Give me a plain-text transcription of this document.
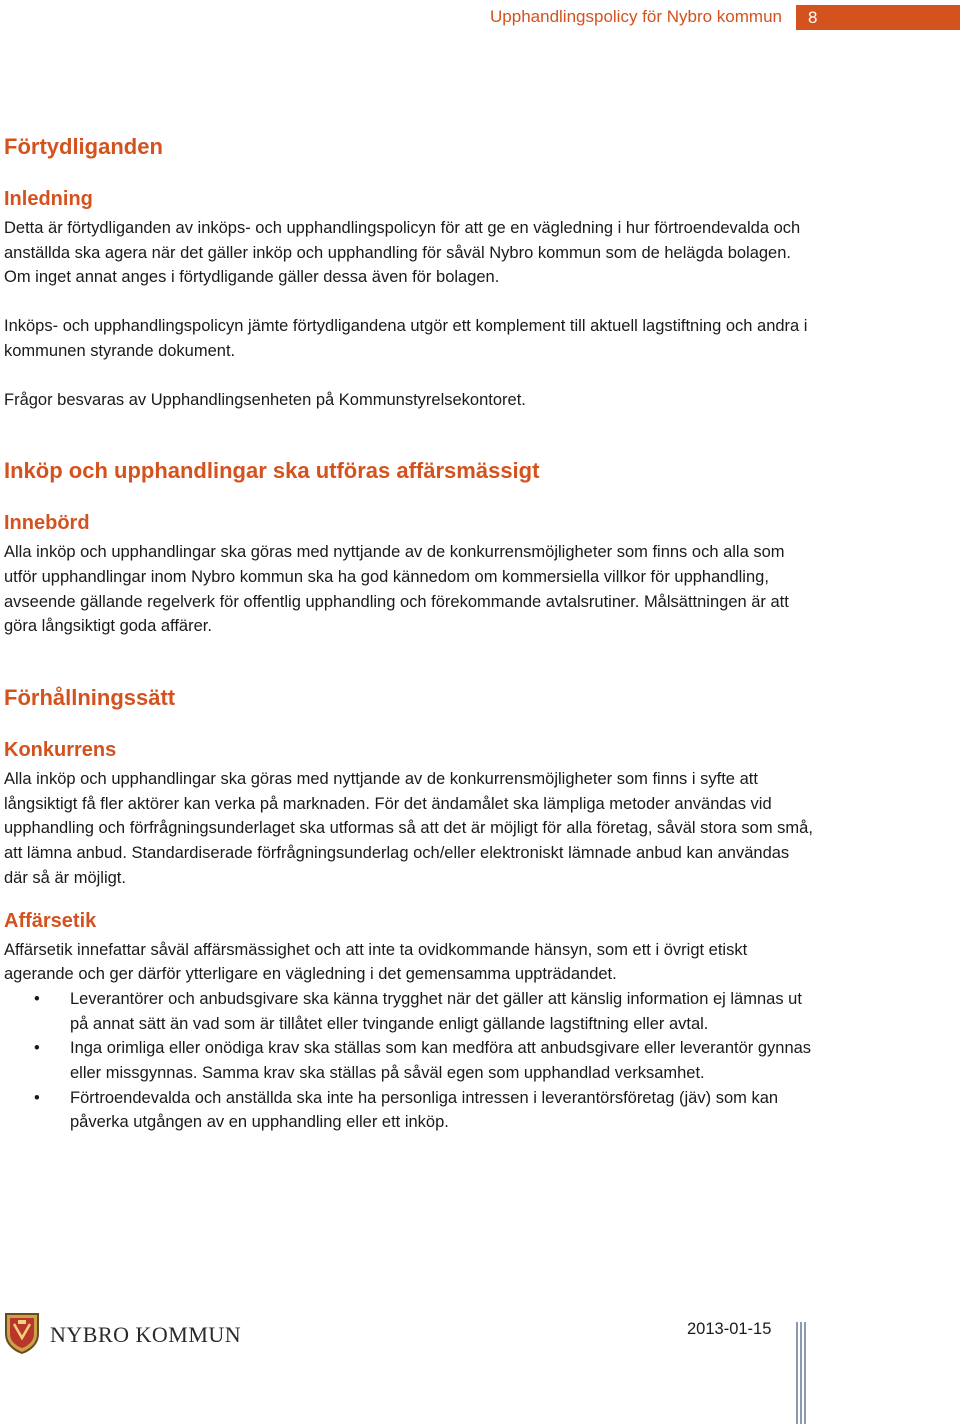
Upphandlingspolicy för Nybro kommun	8
Förtydliganden
Inledning

Detta är förtydliganden av inköps- och upphandlingspolicyn för att ge en vägledning i hur förtroendevalda och anställda ska agera när det gäller inköp och upphandling för såväl Nybro kommun som de helägda bolagen. Om inget annat anges i förtydligande gäller dessa även för bolagen.

Inköps- och upphandlingspolicyn jämte förtydligandena utgör ett komplement till aktuell lagstiftning och andra i kommunen styrande dokument.

Frågor besvaras av Upphandlingsenheten på Kommunstyrelsekontoret.

Inköp och upphandlingar ska utföras affärsmässigt
Innebörd

Alla inköp och upphandlingar ska göras med nyttjande av de konkurrensmöjligheter som finns och alla som utför upphandlingar inom Nybro kommun ska ha god kännedom om kommersiella villkor för upphandling, avseende gällande regelverk för offentlig upphandling och förekommande avtalsrutiner. Målsättningen är att göra långsiktigt goda affärer.

Förhållningssätt
Konkurrens

Alla inköp och upphandlingar ska göras med nyttjande av de konkurrensmöjligheter som finns i syfte att långsiktigt få fler aktörer kan verka på marknaden. För det ändamålet ska lämpliga metoder användas vid upphandling och förfrågningsunderlaget ska utformas så att det är möjligt för alla företag, såväl stora som små, att lämna anbud. Standardiserade förfrågningsunderlag och/eller elektroniskt lämnade anbud kan användas där så är möjligt.

Affärsetik

Affärsetik innefattar såväl affärsmässighet och att inte ta ovidkommande hänsyn, som ett i övrigt etiskt agerande och ger därför ytterligare en vägledning i det gemensamma uppträdandet.

• Leverantörer och anbudsgivare ska känna trygghet när det gäller att känslig information ej lämnas ut på annat sätt än vad som är tillåtet eller tvingande enligt gällande lagstiftning eller avtal.
• Inga orimliga eller onödiga krav ska ställas som kan medföra att anbudsgivare eller leverantör gynnas eller missgynnas. Samma krav ska ställas på såväl egen som upphandlad verksamhet.
• Förtroendevalda och anställda ska inte ha personliga intressen i leverantörsföretag (jäv) som kan påverka utgången av en upphandling eller ett inköp.
NYBRO KOMMUN	2013-01-15
